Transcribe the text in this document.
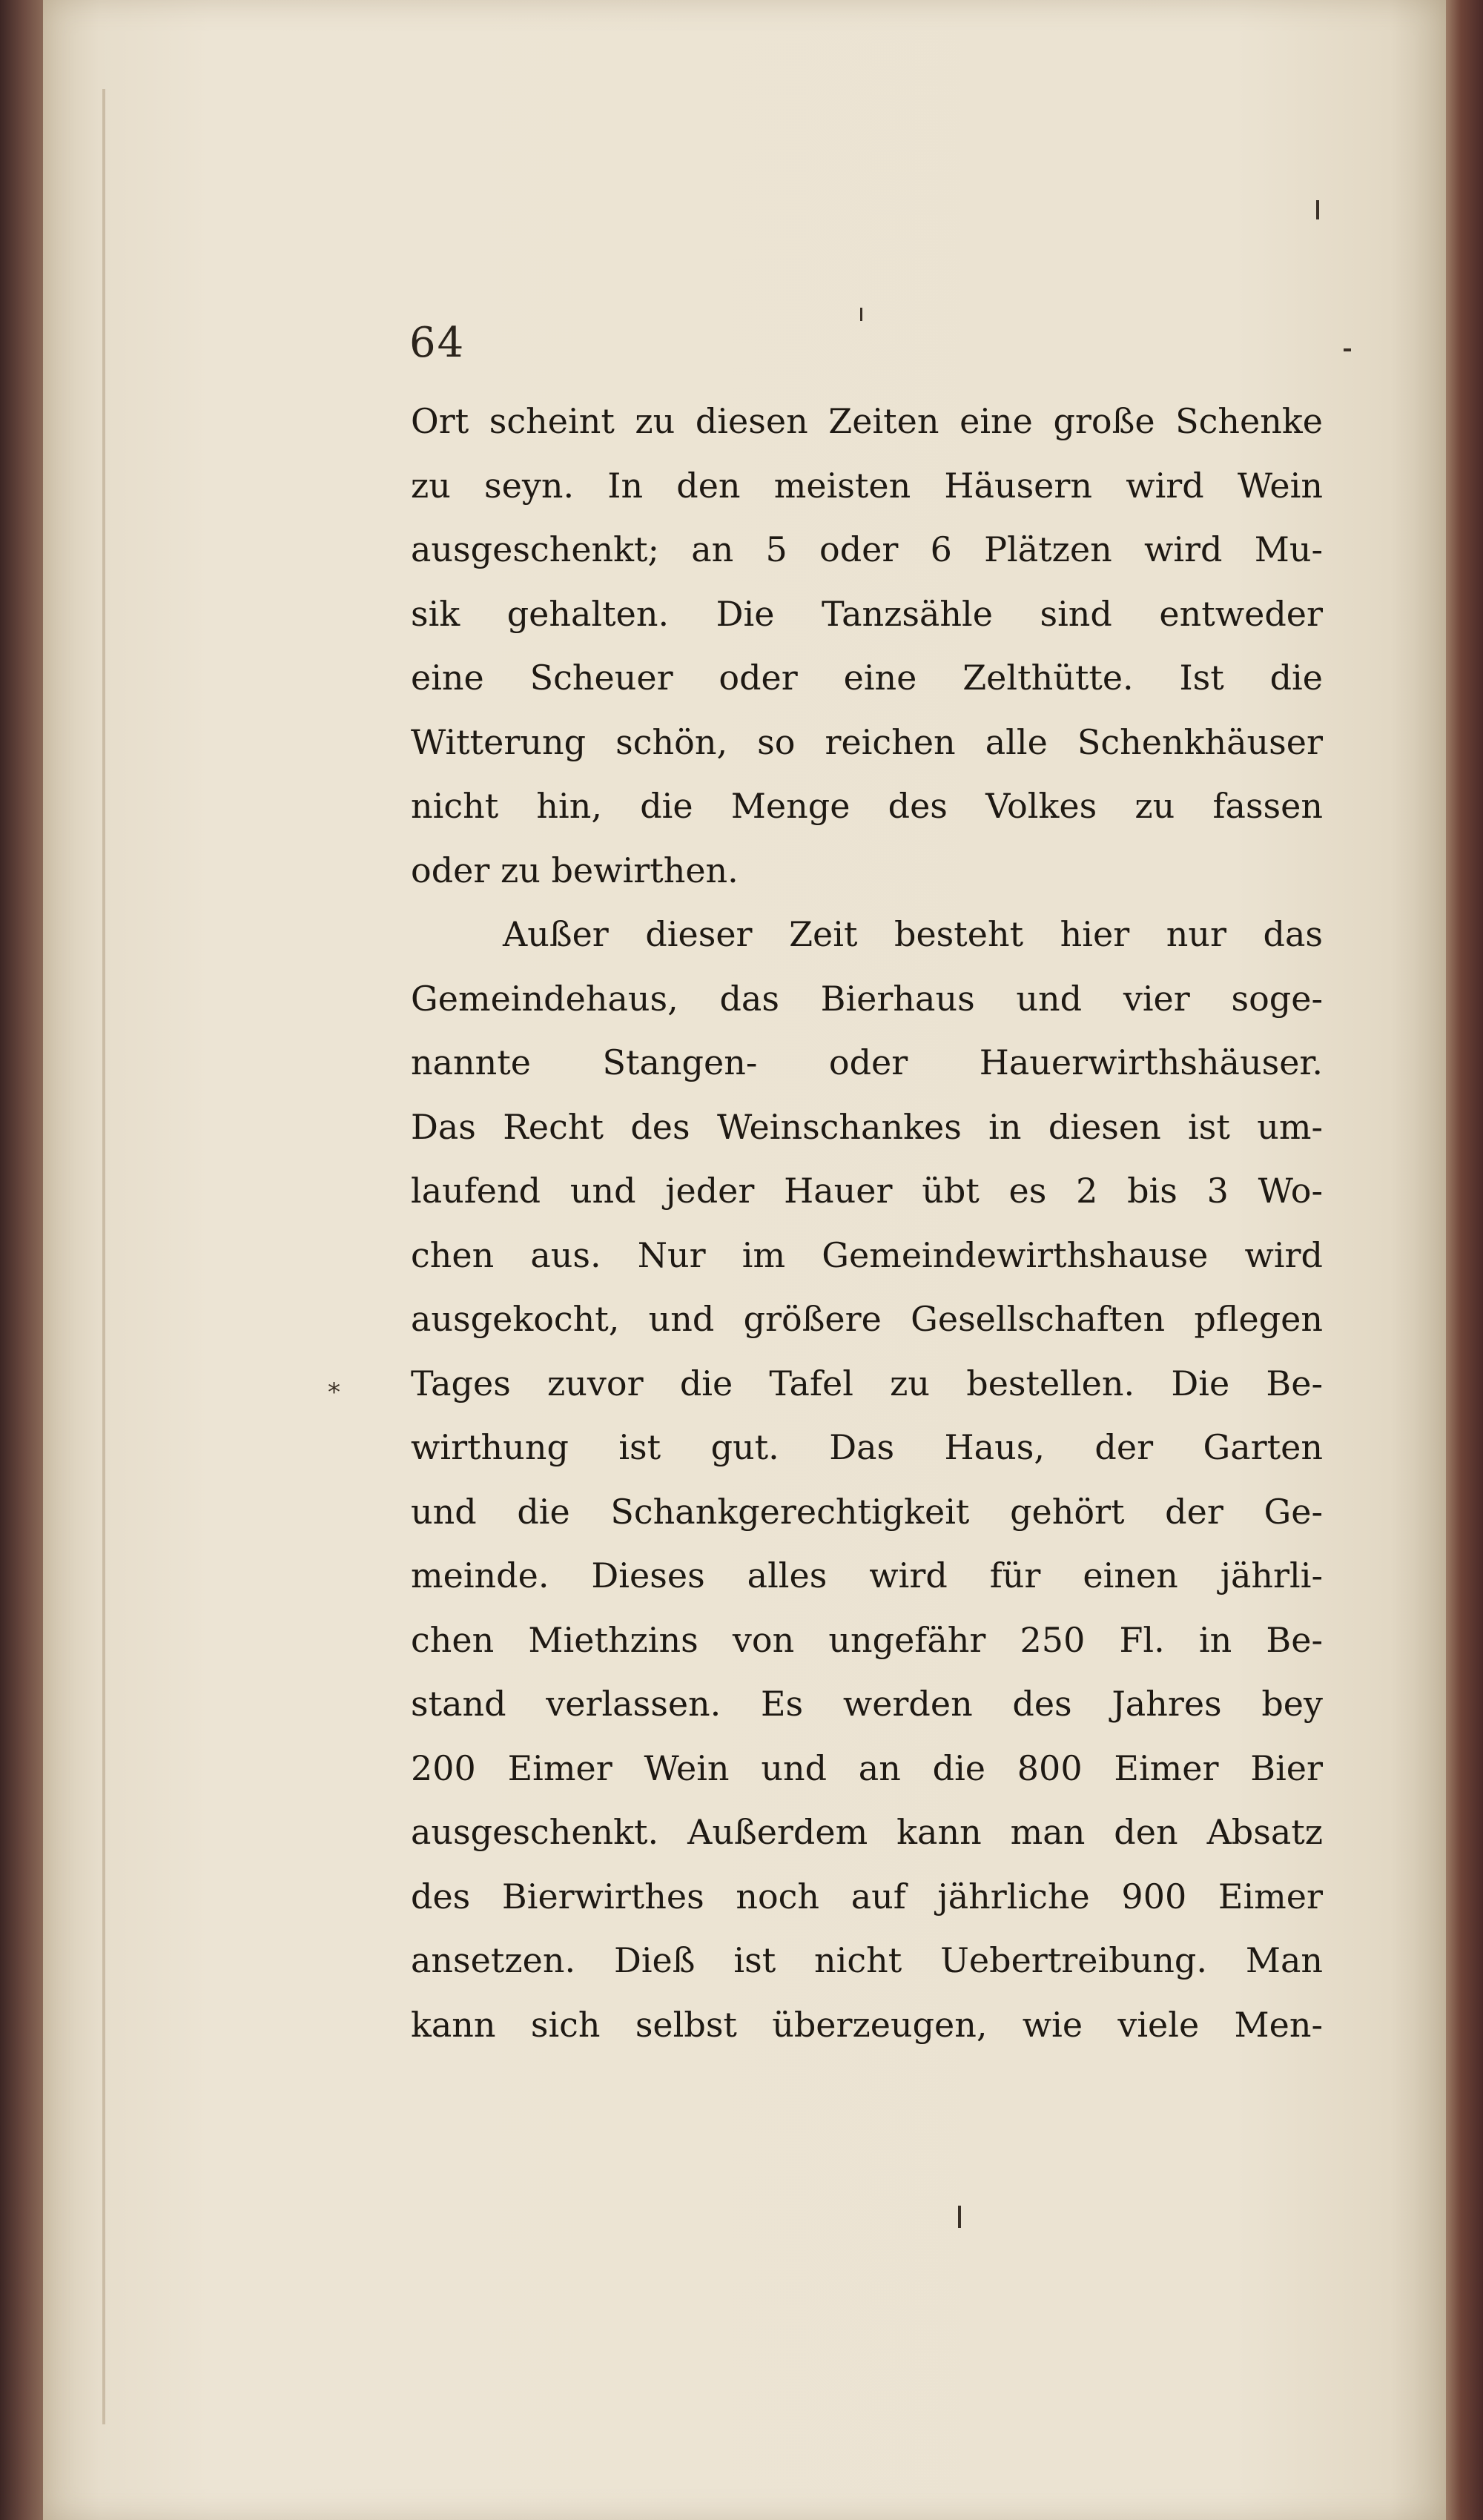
64
*
Ort scheint zu diesen Zeiten eine große Schenke
zu seyn. In den meisten Häusern wird Wein
ausgeschenkt; an 5 oder 6 Plätzen wird Mu-
sik gehalten. Die Tanzsähle sind entweder
eine Scheuer oder eine Zelthütte. Ist die
Witterung schön, so reichen alle Schenkhäuser
nicht hin, die Menge des Volkes zu fassen
oder zu bewirthen.
Außer dieser Zeit besteht hier nur das
Gemeindehaus, das Bierhaus und vier soge-
nannte Stangen- oder Hauerwirthshäuser.
Das Recht des Weinschankes in diesen ist um-
laufend und jeder Hauer übt es 2 bis 3 Wo-
chen aus. Nur im Gemeindewirthshause wird
ausgekocht, und größere Gesellschaften pflegen
Tages zuvor die Tafel zu bestellen. Die Be-
wirthung ist gut. Das Haus, der Garten
und die Schankgerechtigkeit gehört der Ge-
meinde. Dieses alles wird für einen jährli-
chen Miethzins von ungefähr 250 Fl. in Be-
stand verlassen. Es werden des Jahres bey
200 Eimer Wein und an die 800 Eimer Bier
ausgeschenkt. Außerdem kann man den Absatz
des Bierwirthes noch auf jährliche 900 Eimer
ansetzen. Dieß ist nicht Uebertreibung. Man
kann sich selbst überzeugen, wie viele Men-
